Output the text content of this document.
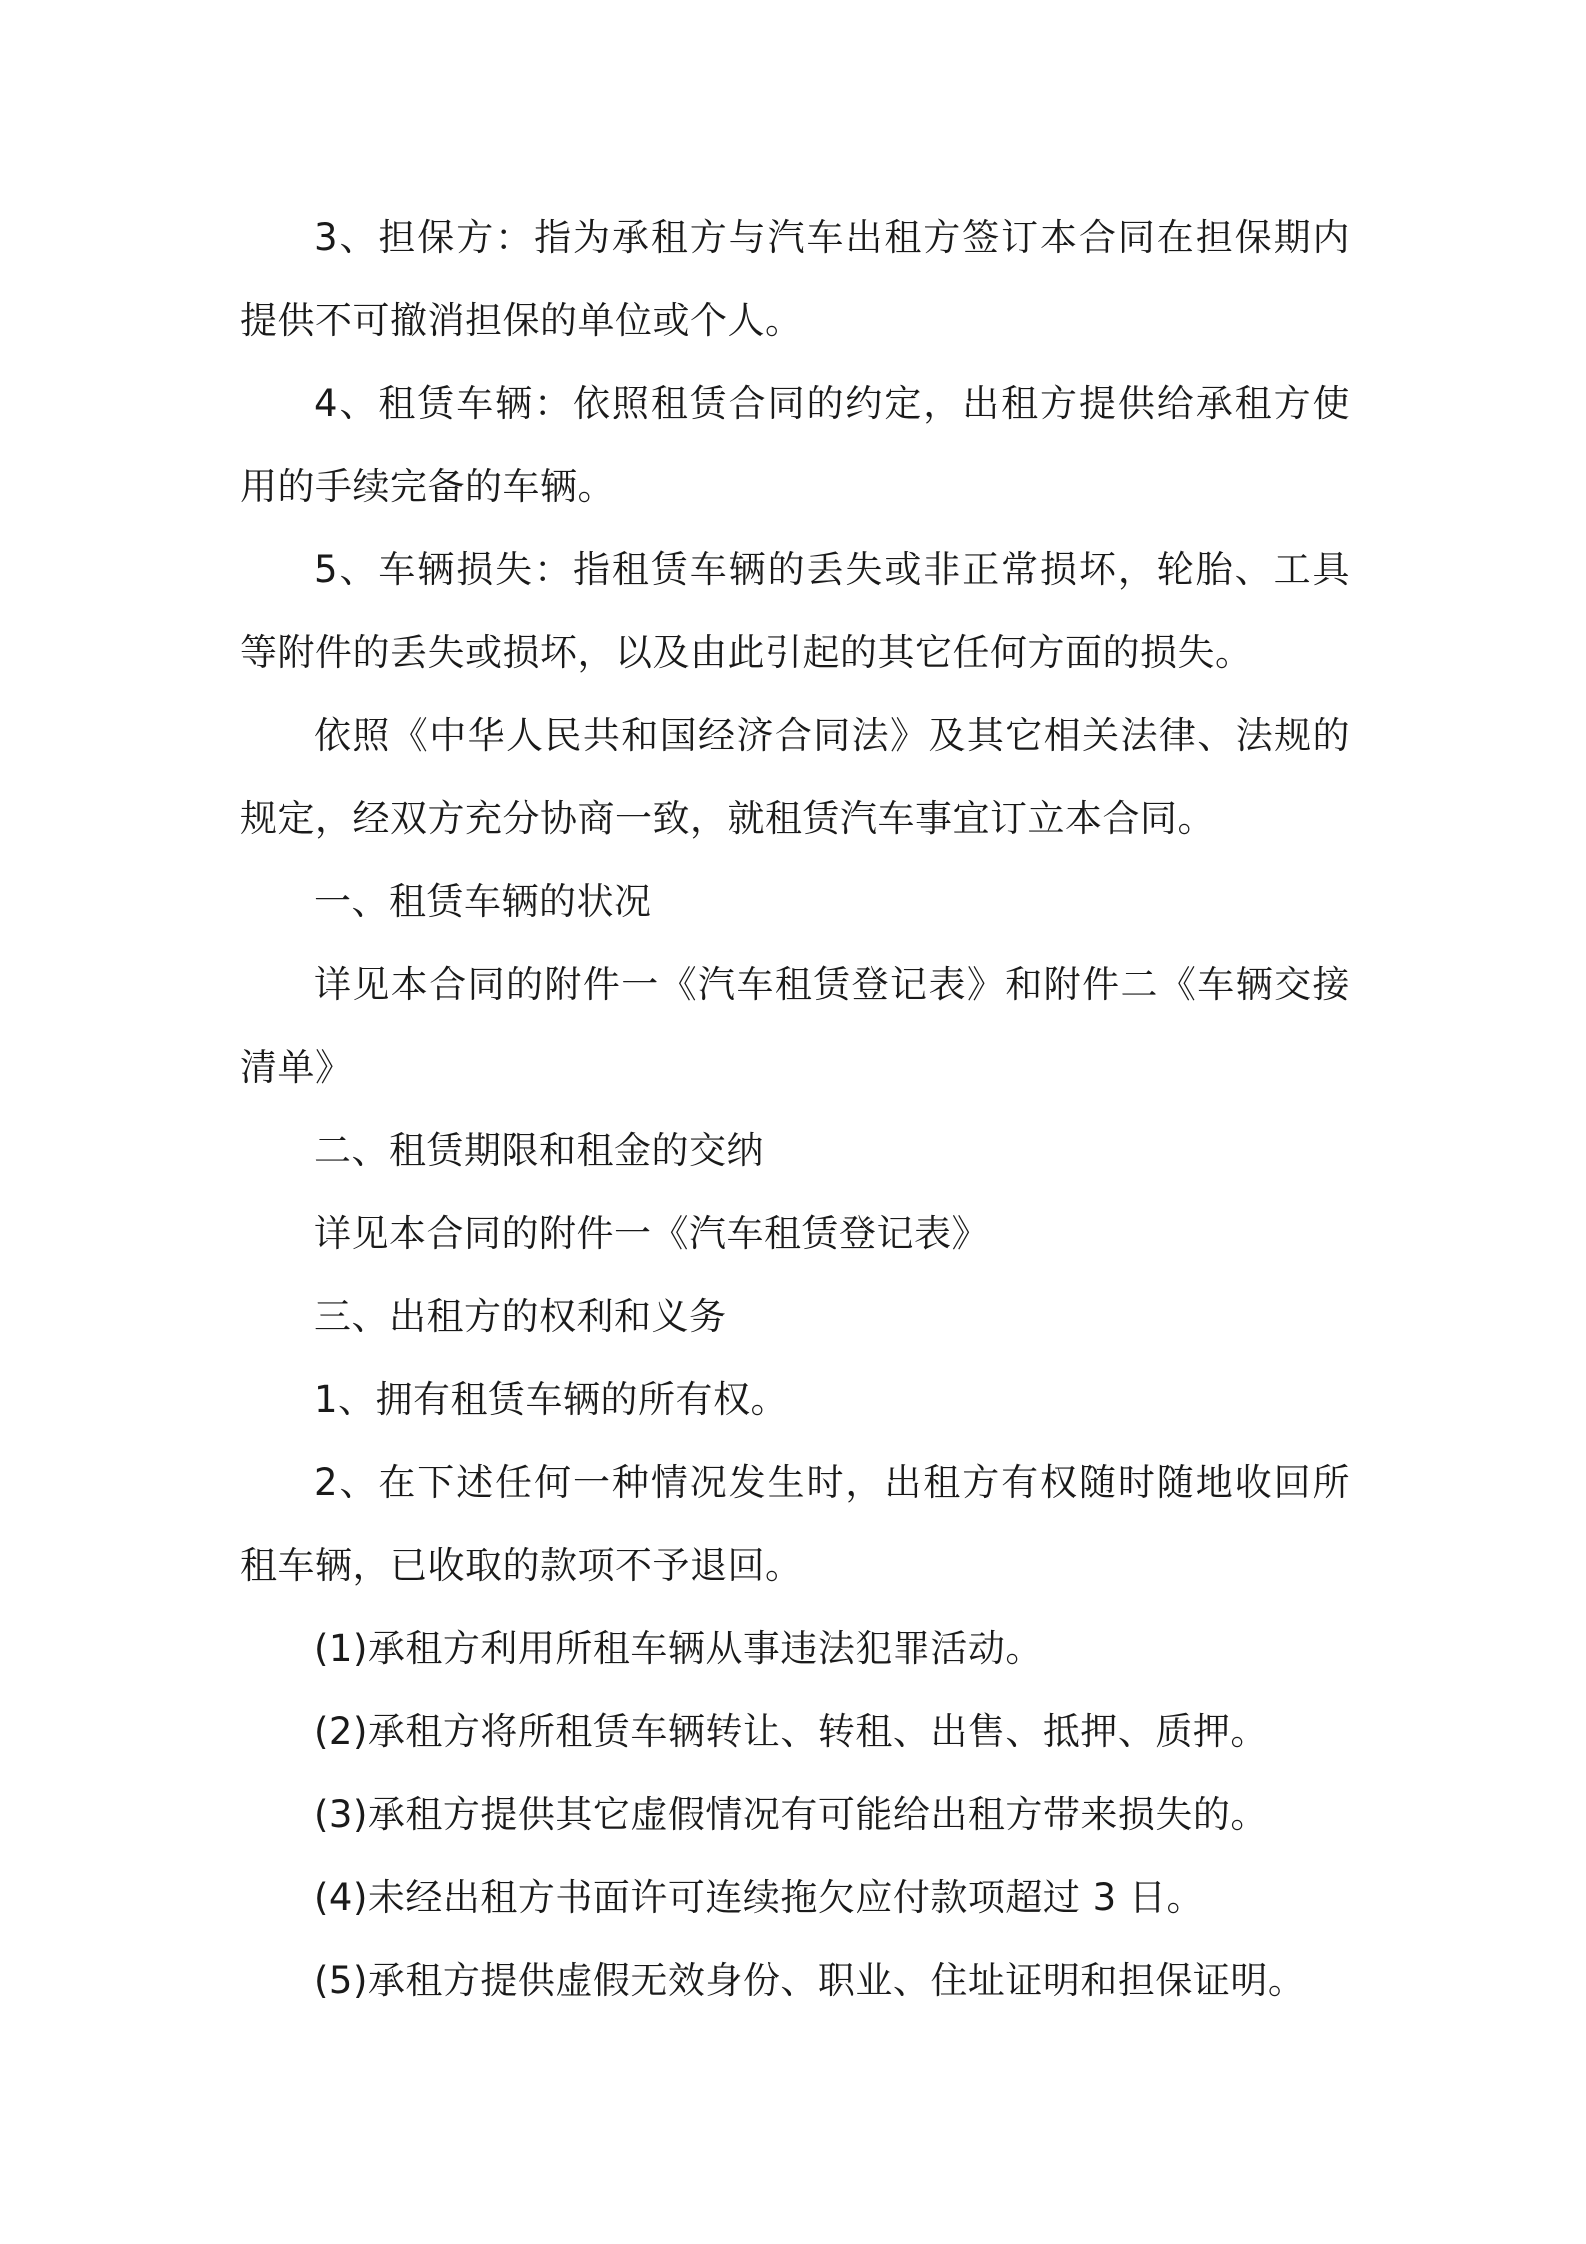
3、担保方：指为承租方与汽车出租方签订本合同在担保期内提供不可撤消担保的单位或个人。

4、租赁车辆：依照租赁合同的约定，出租方提供给承租方使用的手续完备的车辆。

5、车辆损失：指租赁车辆的丢失或非正常损坏，轮胎、工具等附件的丢失或损坏，以及由此引起的其它任何方面的损失。

依照《中华人民共和国经济合同法》及其它相关法律、法规的规定，经双方充分协商一致，就租赁汽车事宜订立本合同。

一、租赁车辆的状况

详见本合同的附件一《汽车租赁登记表》和附件二《车辆交接清单》

二、租赁期限和租金的交纳

详见本合同的附件一《汽车租赁登记表》

三、出租方的权利和义务

1、拥有租赁车辆的所有权。

2、在下述任何一种情况发生时，出租方有权随时随地收回所租车辆，已收取的款项不予退回。

(1)承租方利用所租车辆从事违法犯罪活动。

(2)承租方将所租赁车辆转让、转租、出售、抵押、质押。

(3)承租方提供其它虚假情况有可能给出租方带来损失的。

(4)未经出租方书面许可连续拖欠应付款项超过 3 日。

(5)承租方提供虚假无效身份、职业、住址证明和担保证明。
